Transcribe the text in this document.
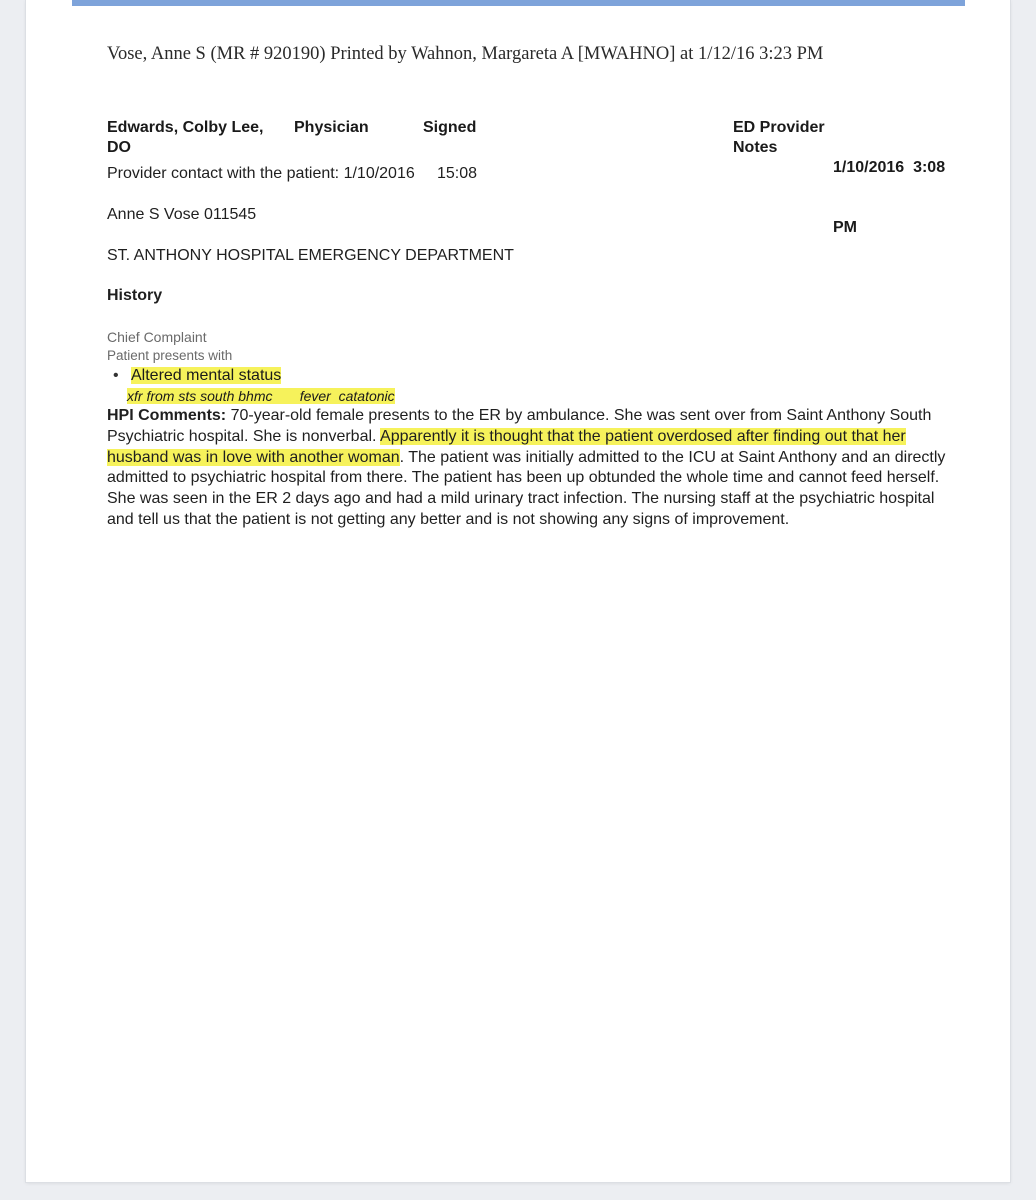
Vose, Anne S (MR # 920190) Printed by Wahnon, Margareta A [MWAHNO] at 1/12/16 3:23 PM
Edwards, Colby Lee,
DO
Physician	Signed	ED Provider
Notes

1/10/2016  3:08

PM

Provider contact with the patient: 1/10/2016     15:08
Anne S Vose 011545
ST. ANTHONY HOSPITAL EMERGENCY DEPARTMENT
History
Chief Complaint
Patient presents with
• Altered mental status
xfr from sts south bhmc       fever  catatonic
HPI Comments: 70-year-old female presents to the ER by ambulance. She was sent over from Saint Anthony South Psychiatric hospital. She is nonverbal. Apparently it is thought that the patient overdosed after finding out that her husband was in love with another woman. The patient was initially admitted to the ICU at Saint Anthony and an directly admitted to psychiatric hospital from there. The patient has been up obtunded the whole time and cannot feed herself. She was seen in the ER 2 days ago and had a mild urinary tract infection. The nursing staff at the psychiatric hospital and tell us that the patient is not getting any better and is not showing any signs of improvement.
